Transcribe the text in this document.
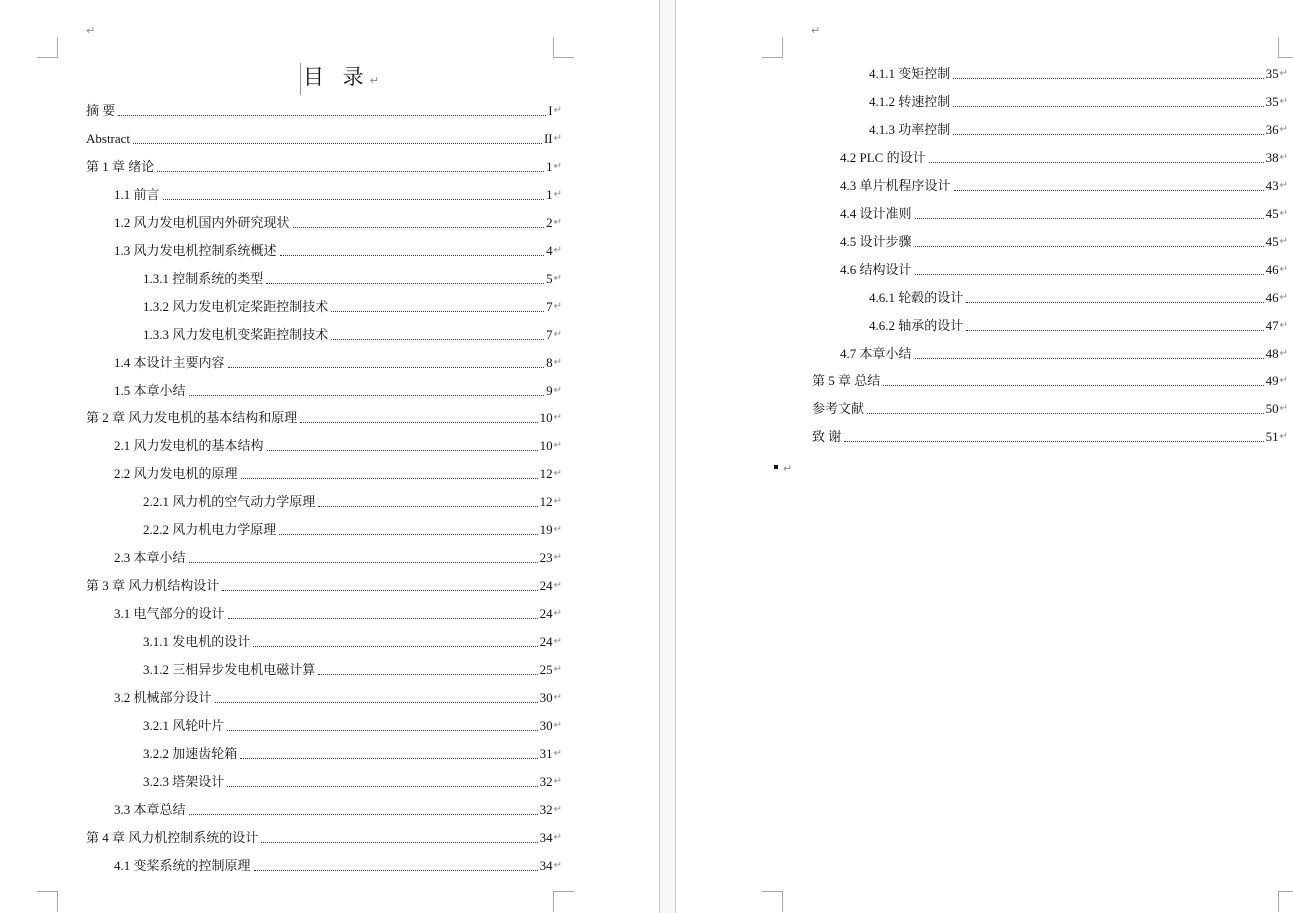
↵
目 录↵
摘 要	I ↵
Abstract	II ↵
第 1 章 绪论	1 ↵
1.1 前言	1 ↵
1.2 风力发电机国内外研究现状	2 ↵
1.3 风力发电机控制系统概述	4 ↵
1.3.1 控制系统的类型	5 ↵
1.3.2 风力发电机定桨距控制技术	7 ↵
1.3.3 风力发电机变桨距控制技术	7 ↵
1.4 本设计主要内容	8 ↵
1.5 本章小结	9 ↵
第 2 章 风力发电机的基本结构和原理	10 ↵
2.1 风力发电机的基本结构	10 ↵
2.2 风力发电机的原理	12 ↵
2.2.1 风力机的空气动力学原理	12 ↵
2.2.2 风力机电力学原理	19 ↵
2.3 本章小结	23 ↵
第 3 章 风力机结构设计	24 ↵
3.1 电气部分的设计	24 ↵
3.1.1 发电机的设计	24 ↵
3.1.2 三相异步发电机电磁计算	25 ↵
3.2 机械部分设计	30 ↵
3.2.1 风轮叶片	30 ↵
3.2.2 加速齿轮箱	31 ↵
3.2.3 塔架设计	32 ↵
3.3 本章总结	32 ↵
第 4 章 风力机控制系统的设计	34 ↵
4.1 变桨系统的控制原理	34 ↵
↵
4.1.1 变矩控制	35 ↵
4.1.2 转速控制	35 ↵
4.1.3 功率控制	36 ↵
4.2 PLC 的设计	38 ↵
4.3 单片机程序设计	43 ↵
4.4 设计准则	45 ↵
4.5 设计步骤	45 ↵
4.6 结构设计	46 ↵
4.6.1 轮毂的设计	46 ↵
4.6.2 轴承的设计	47 ↵
4.7 本章小结	48 ↵
第 5 章 总结	49 ↵
参考文献	50 ↵
致 谢	51 ↵
↵
